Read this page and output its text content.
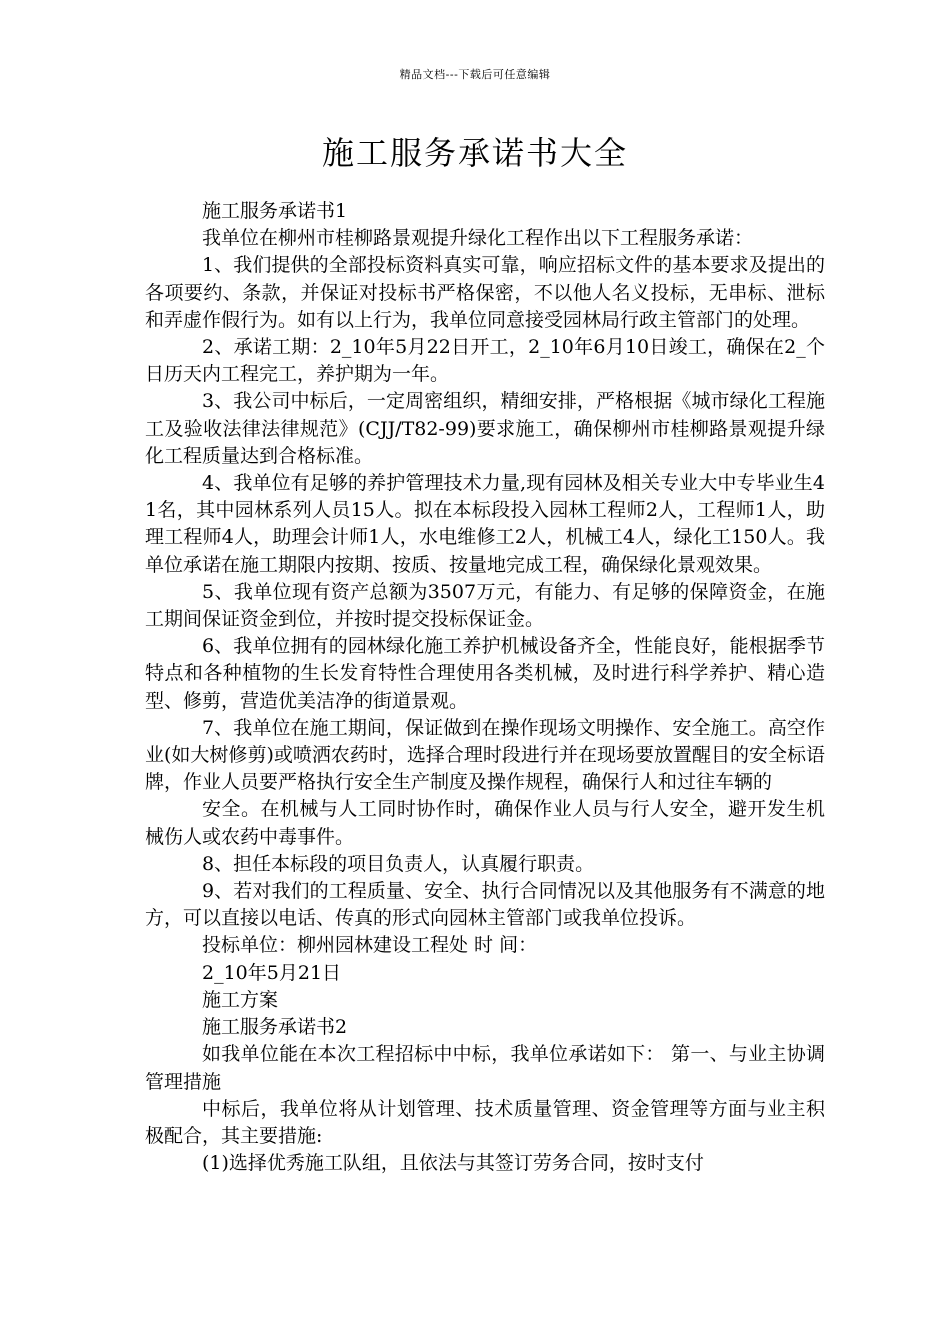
精品文档---下载后可任意编辑
施工服务承诺书大全

施工服务承诺书1

我单位在柳州市桂柳路景观提升绿化工程作出以下工程服务承诺：

1、我们提供的全部投标资料真实可靠，响应招标文件的基本要求及提出的各项要约、条款，并保证对投标书严格保密，不以他人名义投标，无串标、泄标和弄虚作假行为。如有以上行为，我单位同意接受园林局行政主管部门的处理。

2、承诺工期：2_10年5月22日开工，2_10年6月10日竣工，确保在2_个日历天内工程完工，养护期为一年。

3、我公司中标后，一定周密组织，精细安排，严格根据《城市绿化工程施工及验收法律法律规范》(CJJ/T82-99)要求施工，确保柳州市桂柳路景观提升绿化工程质量达到合格标准。

4、我单位有足够的养护管理技术力量,现有园林及相关专业大中专毕业生41名，其中园林系列人员15人。拟在本标段投入园林工程师2人，工程师1人，助理工程师4人，助理会计师1人，水电维修工2人，机械工4人，绿化工150人。我单位承诺在施工期限内按期、按质、按量地完成工程，确保绿化景观效果。

5、我单位现有资产总额为3507万元，有能力、有足够的保障资金，在施工期间保证资金到位，并按时提交投标保证金。

6、我单位拥有的园林绿化施工养护机械设备齐全，性能良好，能根据季节特点和各种植物的生长发育特性合理使用各类机械，及时进行科学养护、精心造型、修剪，营造优美洁净的街道景观。

7、我单位在施工期间，保证做到在操作现场文明操作、安全施工。高空作业(如大树修剪)或喷洒农药时，选择合理时段进行并在现场要放置醒目的安全标语牌，作业人员要严格执行安全生产制度及操作规程，确保行人和过往车辆的

安全。在机械与人工同时协作时，确保作业人员与行人安全，避开发生机械伤人或农药中毒事件。

8、担任本标段的项目负责人，认真履行职责。

9、若对我们的工程质量、安全、执行合同情况以及其他服务有不满意的地 方，可以直接以电话、传真的形式向园林主管部门或我单位投诉。

投标单位：柳州园林建设工程处 时 间：

2_10年5月21日

施工方案

施工服务承诺书2

如我单位能在本次工程招标中中标，我单位承诺如下： 第一、与业主协调管理措施

中标后，我单位将从计划管理、技术质量管理、资金管理等方面与业主积极配合，其主要措施:

(1)选择优秀施工队组，且依法与其签订劳务合同，按时支付
